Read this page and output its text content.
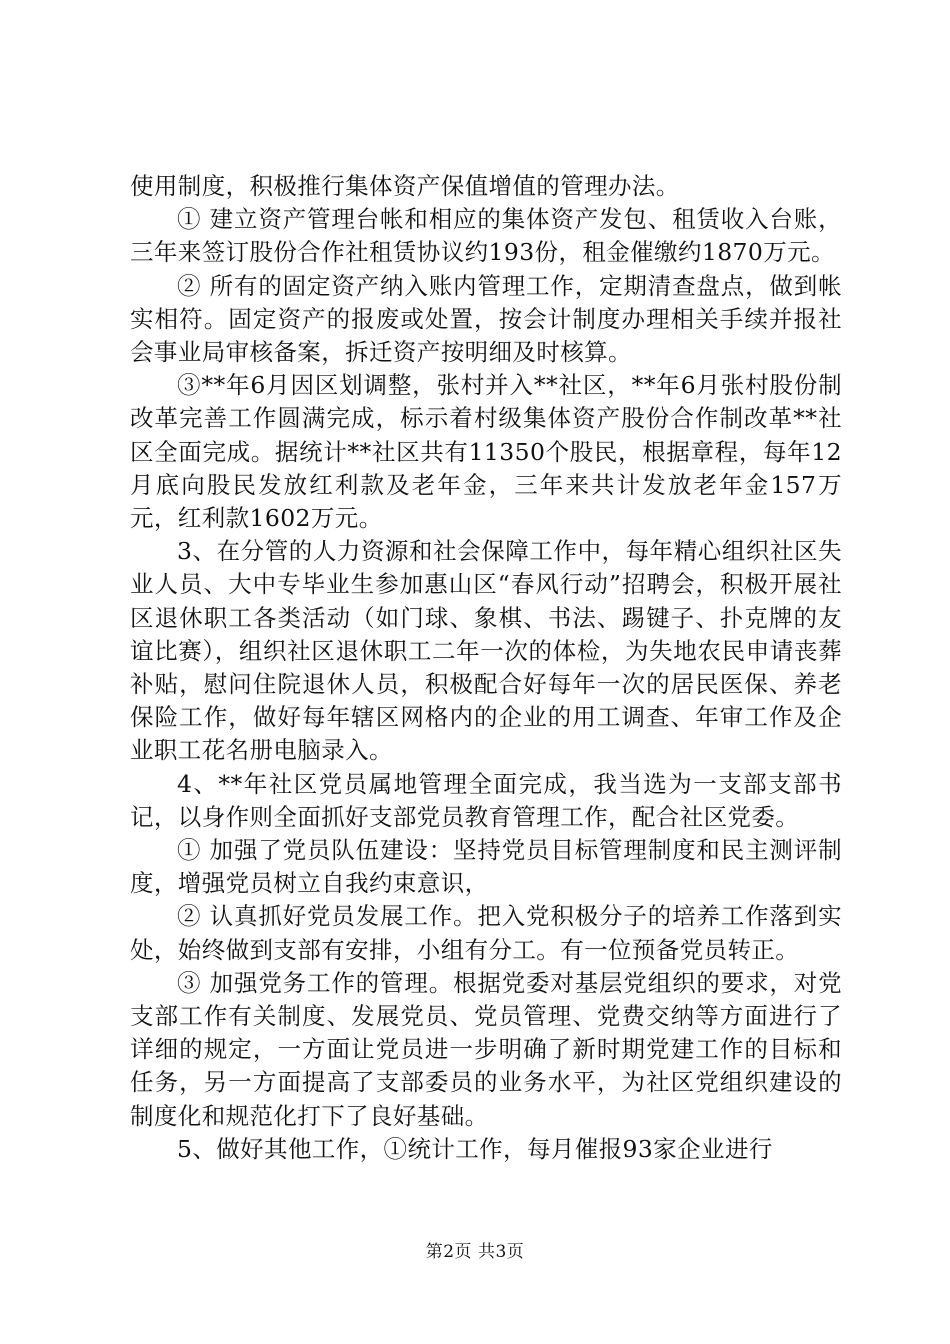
使用制度，积极推行集体资产保值增值的管理办法。

① 建立资产管理台帐和相应的集体资产发包、租赁收入台账，三年来签订股份合作社租赁协议约193份，租金催缴约1870万元。

② 所有的固定资产纳入账内管理工作，定期清查盘点，做到帐实相符。固定资产的报废或处置，按会计制度办理相关手续并报社会事业局审核备案，拆迁资产按明细及时核算。

③**年6月因区划调整，张村并入**社区，**年6月张村股份制改革完善工作圆满完成，标示着村级集体资产股份合作制改革**社区全面完成。据统计**社区共有11350个股民，根据章程，每年12月底向股民发放红利款及老年金，三年来共计发放老年金157万元，红利款1602万元。

3、在分管的人力资源和社会保障工作中，每年精心组织社区失业人员、大中专毕业生参加惠山区“春风行动”招聘会，积极开展社区退休职工各类活动（如门球、象棋、书法、踢键子、扑克牌的友谊比赛），组织社区退休职工二年一次的体检，为失地农民申请丧葬补贴，慰问住院退休人员，积极配合好每年一次的居民医保、养老保险工作，做好每年辖区网格内的企业的用工调查、年审工作及企业职工花名册电脑录入。

4、**年社区党员属地管理全面完成，我当选为一支部支部书记，以身作则全面抓好支部党员教育管理工作，配合社区党委。

① 加强了党员队伍建设：坚持党员目标管理制度和民主测评制度，增强党员树立自我约束意识，

② 认真抓好党员发展工作。把入党积极分子的培养工作落到实处，始终做到支部有安排，小组有分工。有一位预备党员转正。

③ 加强党务工作的管理。根据党委对基层党组织的要求，对党支部工作有关制度、发展党员、党员管理、党费交纳等方面进行了详细的规定，一方面让党员进一步明确了新时期党建工作的目标和任务，另一方面提高了支部委员的业务水平，为社区党组织建设的制度化和规范化打下了良好基础。

5、做好其他工作，①统计工作，每月催报93家企业进行

第2页 共3页
